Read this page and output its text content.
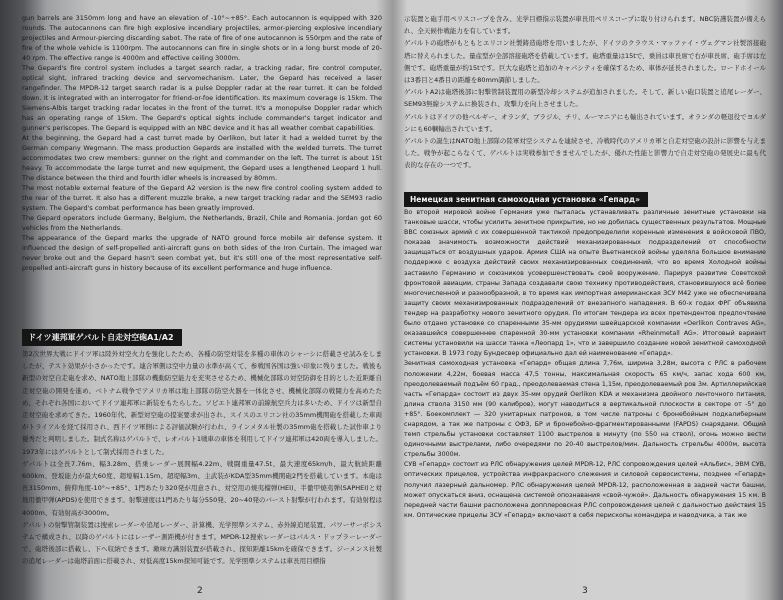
gun barrels are 3150mm long and have an elevation of -10°~+85°. Each autocannon is equipped with 320 rounds. The autocannons can fire high explosive incendiary projectiles, armor-piercing explosive incendiary projectiles and Armour-piercing discarding sabot. The rate of fire of one autocannon is 550rpm and the rate of fire of the whole vehicle is 1100rpm. The autocannons can fire in single shots or in a long burst mode of 20-40 rpm. The effective range is 4000m and effective ceiling 3000m.

The Gepard's fire control system includes a target search radar, a tracking radar, fire control computer, optical sight, infrared tracking device and servomechanism. Later, the Gepard has received a laser rangefinder. The MPDR-12 target search radar is a pulse Doppler radar at the rear turret. It can be folded down. It is integrated with an interrogator for friend-or-foe identification. Its maximum coverage is 15km. The Siemens-Albis target tracking radar locates in the front of the turret. It's a monopulse Doppler radar which has an operating range of 15km. The Gepard's optical sights include commander's target indicator and gunner's periscopes. The Gepard is equipped with an NBC device and it has all weather combat capabilities.

At the beginning, the Gepard had a cast turret made by Oerlikon, but later it had a welded turret by the German company Wegmann. The mass production Gepards are installed with the welded turrets. The turret accommodates two crew members: gunner on the right and commander on the left. The turret is about 15t heavy. To accommodate the large turret and new equipment, the Gepard uses a lengthened Leopard 1 hull. The distance between the third and fourth idler wheels is increased by 80mm.

The most notable external feature of the Gepard A2 version is the new fire control cooling system added to the rear of the turret. It also has a different muzzle brake, a new target tracking radar and the SEM93 radio system. The Gepard's combat performance has been greatly improved.

The Gepard operators include Germany, Belgium, the Netherlands, Brazil, Chile and Romania. Jordan got 60 vehicles from the Netherlands.

The appearance of the Gepard marks the upgrade of NATO ground force mobile air defense system. It influenced the design of self-propelled anti-aircraft guns on both sides of the Iron Curtain. The imaged war never broke out and the Gepard hasn't seen combat yet, but it's still one of the most representative self-propelled anti-aircraft guns in history because of its excellent performance and huge influence.

ドイツ連邦軍ゲパルト自走対空砲A1/A2

第2次世界大戦にドイツ軍は陸外対空火力を強化したため、各種の防空対装を多種の車体のシャーシに搭載させ試みをしましたが、テスト効果が小さかったです。連合軍側は空中力量の水準が高くて、参戦国各国は強い印象に残りました。戦後も新型の対空自走砲を求め、NATO地上部隊の機動防空能力を充実させるため、機械化部隊の対空防御を目的とした近距離自走対空砲の開発を進め、ベトナム戦争でアメリカ軍は地上部隊の防空火器を一体化させ、機械化部隊の戦闘力を高めたため、それぞれ各国においてドイツ連邦軍に新装をもたらした。ソビエト連邦軍の前線航空兵力は多いため、ドイツは新型自走対空砲を求めてきた。1960年代、新型対空砲の提案要求が出され、スイスのエリコン社の35mm機関砲を搭載した車両がトライアルを経て採用され、西ドイツ軍側による評価試験が行われ、ラインメタル社製の35mm砲を搭載した試作車より優秀だと判明しました。制式名称はゲパルトで、レオパルト1戦車の車体を利用してドイツ連邦軍は420両を導入しました。1973年にはゲパルトとして制式採用されました。

ゲパルトは全長7.76m、幅3.28m、搭乗レーダー展開幅4.22m、戦闘重量47.5t、最大速度65km/h、最大航続距離600km、登坂能力が最大60度、超壕幅1.15m、超堤幅3m、主武装がKDA型35mm機関砲2門を搭載しています。本砲は長3150mm、俯仰角度-10°~+85°、1門あたり320発が用意され、対空用の焼夷榴弾(HEI)、半徹甲焼夷弾(SAPHEI)と対地用徹甲弾(APDS)を使用できます。射撃速度は1門あたり毎分550発、20~40発のバースト射撃が行われます。有効射程は4000m、有効射高が3000m。

ゲパルトの射撃管制装置は捜索レーダーや追尾レーダー、計算機、光学照準システム、赤外線追尾装置、パワーサーボシステムで構成され、以降のゲパルトにはレーザー測距機が付きます。MPDR-12捜索レーダーはパルス・ドップラーレーダーで、砲塔後部に搭載し、下へ収納できます。敵味方識別装置が搭載され、探知距離15kmを確保できます。ジーメンス社製の追尾レーダーは砲塔前面に搭載され、対低高度15km探知可能です。光学照準システムは車長用目標指

2

示装置と砲手用ペリスコープを含み、光学目標指示装置が車長用ペリスコープに取り付けられます。NBC防護装置が備えられ、全天候作戦能力を有しています。

ゲパルトの砲塔がもともとエリコン社製鋳造砲塔を用いましたが、ドイツのクラウス・マッファイ・ヴェグマン社製溶接砲塔に替えられました。量産型が全部溶接砲塔を搭載しています。砲塔重量は15tで、乗員は車長席で右が車長席、砲手席は左側です。砲塔重量が約15tです。巨大な砲塔と追加のキャパシティを確保するため、車体が延長されました。ロードホイールは3番目と4番目の距離を80mm調節しました。

ゲパルトA2は砲塔後部に射撃管制装置用の新型冷却システムが追加されました。そして、新しい砲口装置と追尾レーダー、SEM93無線システムに換装され、攻撃力を向上させました。

ゲパルトはドイツの他ベルギー、オランダ、ブラジル、チリ、ルーマニアにも輸出されています。オランダの軽退役でヨルダンにも60輌輸出されています。

ゲパルトの誕生はNATO地上部隊の陸軍対空システムを連続させ、冷戦時代のアメリカ軍と自走対空砲の設計に影響を与えました。戦争が起こらなくて、ゲパルトは実戦参加できませんでしたが、優れた性能と影響力で自走対空砲の発展史に最も代表的な存在の一つです。

Немецкая зенитная самоходная установка «Гепард»

Во второй мировой войне Германия уже пыталась устанавливать различные зенитные установки на танковые шасси, чтобы усилить зенитное прикрытие, но не добилась существенных результатов. Мощные ВВС союзных армий с их совершенной тактикой предопределили коренные изменения в войсковой ПВО, показав значимость возможности действий механизированных подразделений от способности защищаться от воздушных ударов. Армия США на опыте Вьетнамской войны уделяла большое внимание поддержке с воздуха действий своих механизированных соединений, что во время Холодной войны заставило Германию и союзников усовершенствовать своё вооружение. Парируя развитие Советской фронтовой авиации, страны Запада создавали свою технику противодействия, становившуюся всё более многочисленной и разнообразной, в то время как импортная американская ЗСУ М42 уже не обеспечивала защиту своих механизированных подразделений от внезапного нападения. В 60-х годах ФРГ объявила тендер на разработку нового зенитного орудия. По итогам тендера из всех претендентов предпочтение было отдано установке со спаренными 35-мм орудиями швейцарской компании «Oerlikon Contraves AG», оказавшейся совершеннее спаренной 30-мм установки компании «Rheinmetall AG». Итоговый вариант системы установили на шасси танка «Леопард 1», что и завершило создание новой зенитной самоходной установки. В 1973 году Бундесвер официально дал ей наименование «Гепард».

Зенитная самоходная установка «Гепард» общая длина 7,76м, ширина 3,28м, высота с РЛС в рабочем положении 4,22м, боевая масса 47,5 тонны, максимальная скорость 65 км/ч, запас хода 600 км, преодолеваемый подъём 60 град., преодолеваемая стена 1,15м, преодолеваемый ров 3м. Артиллерийская часть «Гепарда» состоит из двух 35-мм орудий Oerlikon KDA и механизма двойного ленточного питания, длина ствола 3150 мм (90 калибров), могут наводиться в вертикальной плоскости в секторе от -5° до +85°. Боекомплект — 320 унитарных патронов, в том числе патроны с бронебойным подкалиберным снарядом, а так же патроны с ОФЗ, БР и бронебойно-фрагментированными (FAPDS) снарядами. Общий темп стрельбы установки составляет 1100 выстрелов в минуту (по 550 на ствол), огонь можно вести одиночными выстрелами, либо очередями по 20-40 выстрелов/мин. Дальность стрельбы 4000м, высота стрельбы 3000м.

СУВ «Гепард» состоит из РЛС обнаружения целей MPDR-12, РЛС сопровождения целей «Альбис», ЭВМ СУВ, оптических прицелов, устройства инфракрасного слежения и силовой сервосистемы, позднее «Гепард» получил лазерный дальномер. РЛС обнаружения целей MPDR-12, расположенная в задней части башни, может опускаться вниз, оснащена системой опознавания «свой-чужой». Дальность обнаружения 15 км. В передней части башни расположена допплеровская РЛС сопровождения целей с дальностью действия 15 км. Оптические прицелы ЗСУ «Гепард» включают в себя перископы командира и наводчика, а так же

3
